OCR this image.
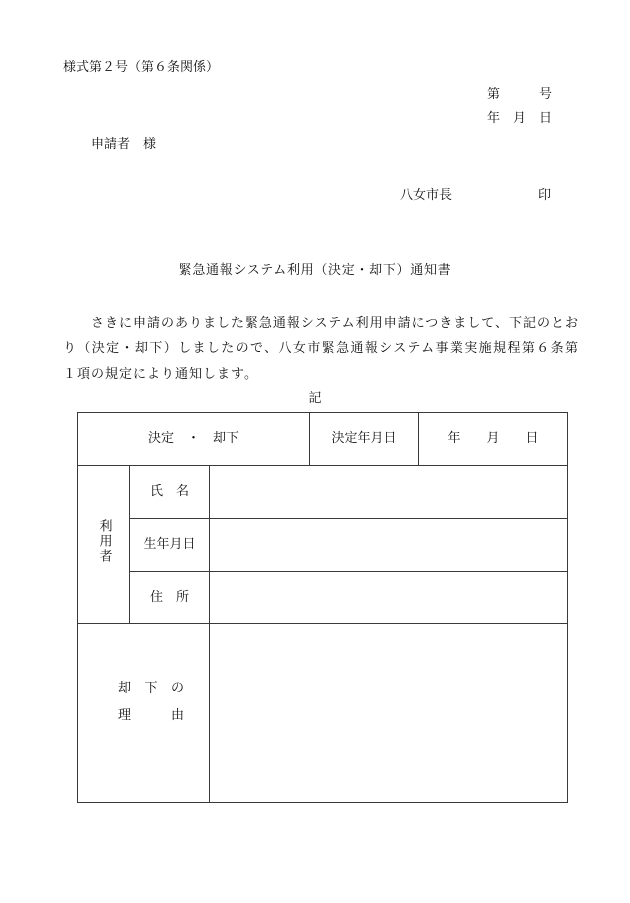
様式第２号（第６条関係）
第　　　号
年　月　日
申請者　様
八女市長	印
緊急通報システム利用（決定・却下）通知書
さきに申請のありました緊急通報システム利用申請につきまして、下記のとお
り（決定・却下）しましたので、八女市緊急通報システム事業実施規程第６条第
１項の規定により通知します。
記
決定　・　却下			決定年月日	年　　月　　日
利用者	氏　名			
	生年月日			
	住　所			

却　下　の
理　　由				
